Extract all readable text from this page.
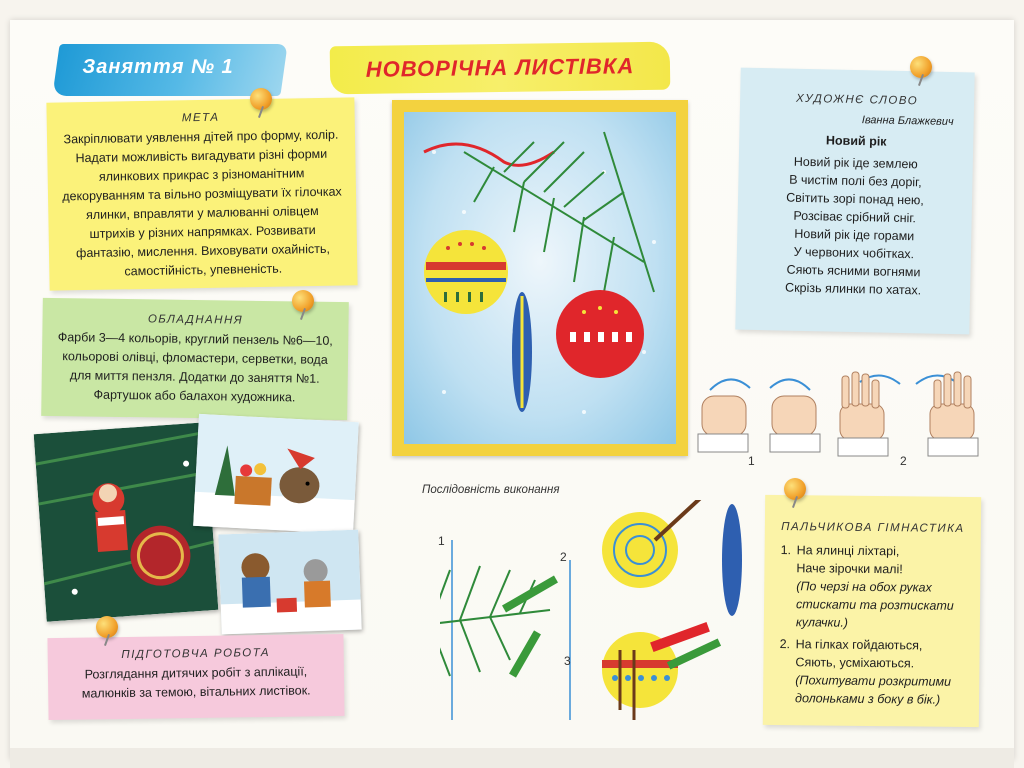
Заняття № 1	НОВОРІЧНА ЛИСТІВКА
МЕТА
Закріплювати уявлення дітей про форму, колір. Надати можливість вигадувати різні форми ялинкових прикрас з різноманітним декоруванням та вільно розміщувати їх гілочках ялинки, вправляти у малюванні олівцем штрихів у різних напрямках. Розвивати фантазію, мислення. Виховувати охайність, самостійність, упевненість.
ОБЛАДНАННЯ
Фарби 3—4 кольорів, круглий пензель №6—10, кольорові олівці, фломастери, серветки, вода для миття пензля. Додатки до заняття №1. Фартушок або балахон художника.
ПІДГОТОВЧА РОБОТА
Розглядання дитячих робіт з аплікації, малюнків за темою, вітальних листівок.
ХУДОЖНЄ СЛОВО
Іванна Блажкевич
Новий рік
Новий рік іде землею
В чистім полі без доріг,
Світить зорі понад нею,
Розсіває срібний сніг.
Новий рік іде горами
У червоних чобітках.
Сяють ясними вогнями
Скрізь ялинки по хатах.
1	2
Послідовність виконання
1
2
3
ПАЛЬЧИКОВА ГІМНАСТИКА
1. На ялинці ліхтарі,
Наче зірочки малі!
(По черзі на обох руках стискати та розтискати кулачки.)
2. На гілках гойдаються,
Сяють, усміхаються.
(Похитувати розкритими долоньками з боку в бік.)
